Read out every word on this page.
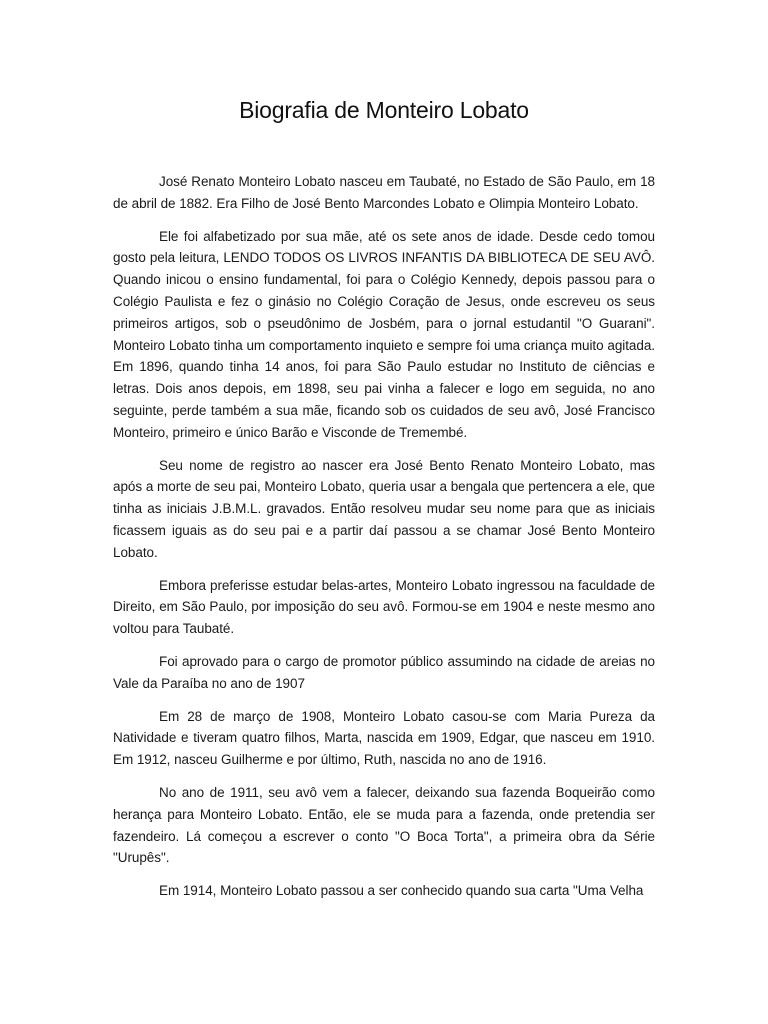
Biografia de Monteiro Lobato

José Renato Monteiro Lobato nasceu em Taubaté, no Estado de São Paulo, em 18 de abril de 1882. Era Filho de José Bento Marcondes Lobato e Olimpia Monteiro Lobato.

Ele foi alfabetizado por sua mãe, até os sete anos de idade. Desde cedo tomou gosto pela leitura, LENDO TODOS OS LIVROS INFANTIS DA BIBLIOTECA DE SEU AVÔ. Quando inicou o ensino fundamental, foi para o Colégio Kennedy, depois passou para o Colégio Paulista e fez o ginásio no Colégio Coração de Jesus, onde escreveu os seus primeiros artigos, sob o pseudônimo de Josbém, para o jornal estudantil "O Guarani". Monteiro Lobato tinha um comportamento inquieto e sempre foi uma criança muito agitada. Em 1896, quando tinha 14 anos, foi para São Paulo estudar no Instituto de ciências e letras. Dois anos depois, em 1898, seu pai vinha a falecer e logo em seguida, no ano seguinte, perde também a sua mãe, ficando sob os cuidados de seu avô, José Francisco Monteiro, primeiro e único Barão e Visconde de Tremembé.

Seu nome de registro ao nascer era José Bento Renato Monteiro Lobato, mas após a morte de seu pai, Monteiro Lobato, queria usar a bengala que pertencera a ele, que tinha as iniciais J.B.M.L. gravados. Então resolveu mudar seu nome para que as iniciais ficassem iguais as do seu pai e a partir daí passou a se chamar José Bento Monteiro Lobato.

Embora preferisse estudar belas-artes, Monteiro Lobato ingressou na faculdade de Direito, em São Paulo, por imposição do seu avô. Formou-se em 1904 e neste mesmo ano voltou para Taubaté.

Foi aprovado para o cargo de promotor público assumindo na cidade de areias no Vale da Paraíba no ano de 1907

Em 28 de março de 1908, Monteiro Lobato casou-se com Maria Pureza da Natividade e tiveram quatro filhos, Marta, nascida em 1909, Edgar, que nasceu em 1910. Em 1912, nasceu Guilherme e por último, Ruth, nascida no ano de 1916.

No ano de 1911, seu avô vem a falecer, deixando sua fazenda Boqueirão como herança para Monteiro Lobato. Então, ele se muda para a fazenda, onde pretendia ser fazendeiro. Lá começou a escrever o conto "O Boca Torta", a primeira obra da Série "Urupês".

Em 1914, Monteiro Lobato passou a ser conhecido quando sua carta "Uma Velha
